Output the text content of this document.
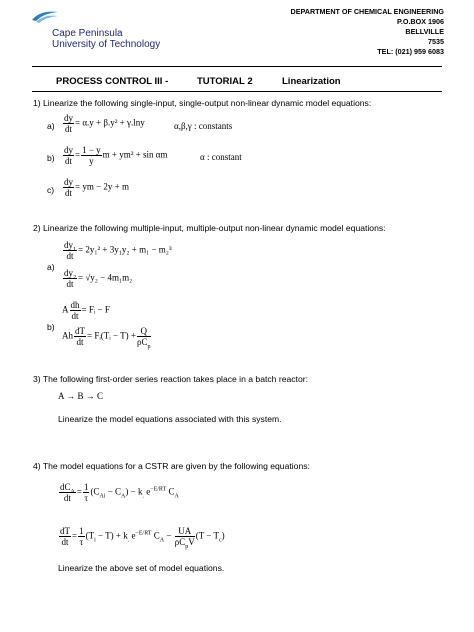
Cape Peninsula
University of Technology
DEPARTMENT OF CHEMICAL ENGINEERING
P.O.BOX 1906
BELLVILLE
7535
TEL: (021) 959 6083
PROCESS CONTROL III -	TUTORIAL 2	Linearization
1) Linearize the following single-input, single-output non-linear dynamic model equations:
$a) \frac{dy}{dt} = \alpha.y + \beta.y^2 + \gamma.\ln y$	α,β,γ : constants
$b) \frac{dy}{dt} = \frac{1 - y}{y}$ m + ym² + sin αm	α : constant
$c) \frac{dy}{dt}$ = ym − 2y + m
2) Linearize the following multiple-input, multiple-output non-linear dynamic model equations:
a)
$\frac{dy_1}{dt} = 2y_1^2 + 3y_1y_2 + m_1 - m_2^3$
$\frac{dy_2}{dt} = √y_2 - 4m_1m_2$
b)
A $\frac{dh}{dt}$ = Fᵢ − F
Ah $\frac{dT}{dt}$ = Fᵢ(Tᵢ − $T) + \frac{Q}{\rho C_p}$
3) The following first-order series reaction takes place in a batch reactor:
A → B → C
Linearize the model equations associated with this system.
4) The model equations for a CSTR are given by the following equations:
$\frac{dC_A}{dt} = \frac{1}{\tau} (C_{Ai} - C_A) - k_.$ $e^{-E/RT}$ $C_A$
$\frac{dT}{dt} = \frac{1}{\tau} (T_i - T) + k_.$ $e^{-E/RT}$ $C_A - \frac{UA}{\rho C_pV} (T - T_c)$
Linearize the above set of model equations.
